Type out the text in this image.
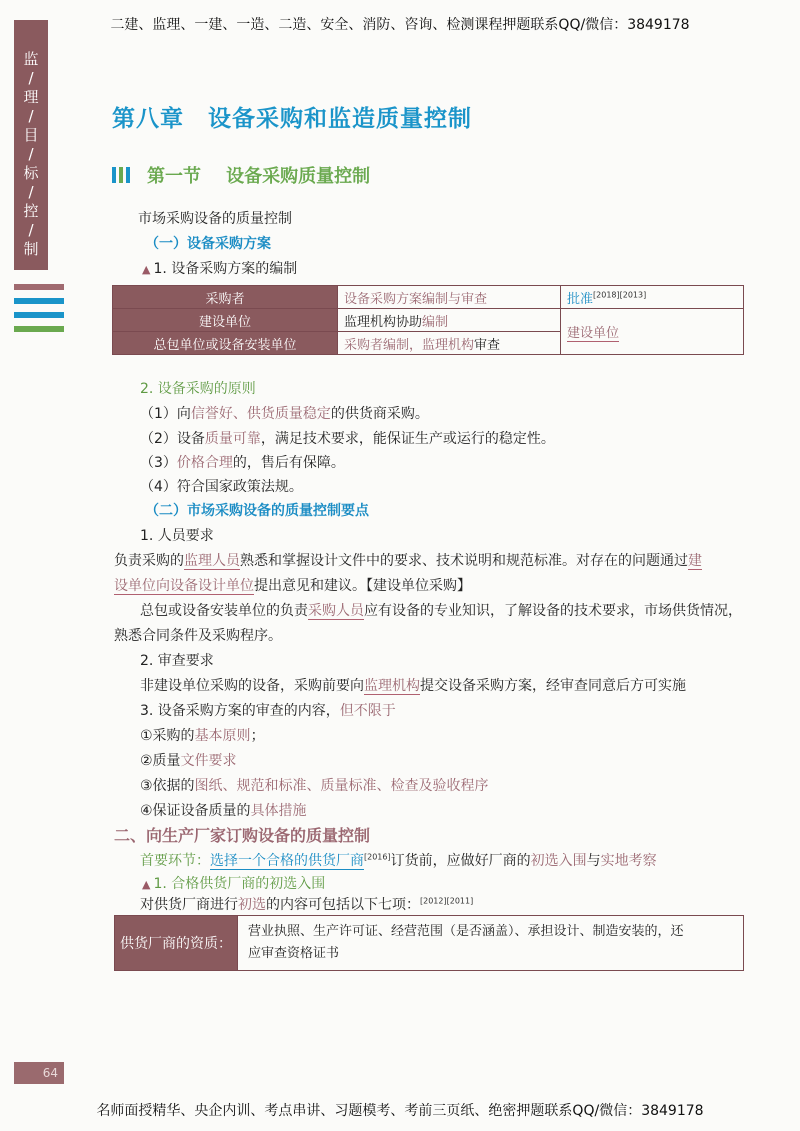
二建、监理、一建、一造、二造、安全、消防、咨询、检测课程押题联系QQ/微信：3849178
监
/
理
/
目
/
标
/
控
/
制
第八章 设备采购和监造质量控制
第一节 设备采购质量控制
市场采购设备的质量控制
（一）设备采购方案
▲ 1. 设备采购方案的编制
采购者	设备采购方案编制与审查	批准[2018][2013]
建设单位	监理机构协助编制	建设单位
总包单位或设备安装单位	采购者编制，监理机构审查	
2. 设备采购的原则
（1）向信誉好、供货质量稳定的供货商采购。
（2）设备质量可靠，满足技术要求，能保证生产或运行的稳定性。
（3）价格合理的，售后有保障。
（4）符合国家政策法规。
（二）市场采购设备的质量控制要点
1. 人员要求
负责采购的监理人员熟悉和掌握设计文件中的要求、技术说明和规范标准。对存在的问题通过建
设单位向设备设计单位提出意见和建议。【建设单位采购】
总包或设备安装单位的负责采购人员应有设备的专业知识，了解设备的技术要求，市场供货情况，
熟悉合同条件及采购程序。
2. 审查要求
非建设单位采购的设备，采购前要向监理机构提交设备采购方案，经审查同意后方可实施
3. 设备采购方案的审查的内容，但不限于
①采购的基本原则；
②质量文件要求
③依据的图纸、规范和标准、质量标准、检查及验收程序
④保证设备质量的具体措施
二、向生产厂家订购设备的质量控制
首要环节：选择一个合格的供货厂商[2016]订货前，应做好厂商的初选入围与实地考察
▲ 1. 合格供货厂商的初选入围
对供货厂商进行初选的内容可包括以下七项：[2012][2011]
供货厂商的资质：	
营业执照、生产许可证、经营范围（是否涵盖）、承担设计、制造安装的，还
应审查资格证书
64
名师面授精华、央企内训、考点串讲、习题模考、考前三页纸、绝密押题联系QQ/微信：3849178
